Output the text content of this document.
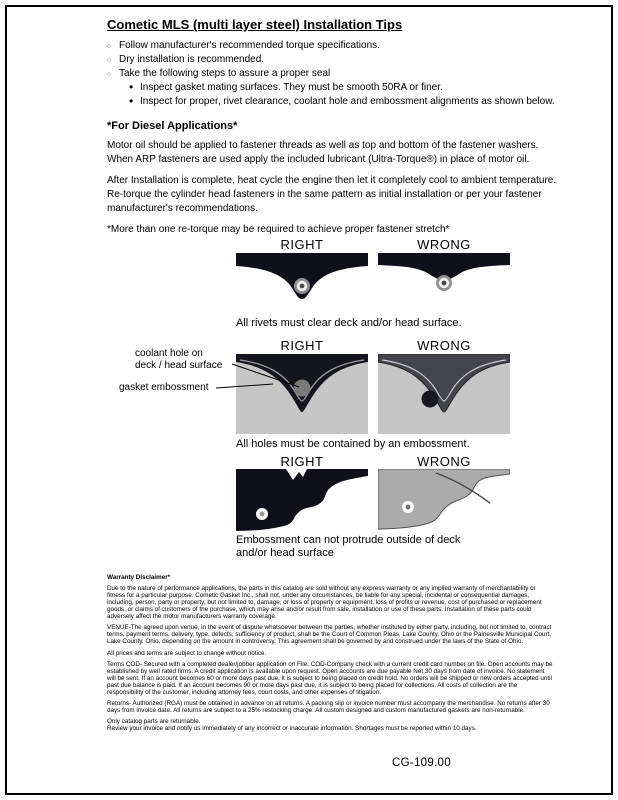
Cometic MLS (multi layer steel) Installation Tips
○ Follow manufacturer's recommended torque specifications.
○ Dry installation is recommended.
○ Take the following steps to assure a proper seal
• Inspect gasket mating surfaces. They must be smooth 50RA or finer.
• Inspect for proper, rivet clearance, coolant hole and embossment alignments as shown below.
*For Diesel Applications*

Motor oil should be applied to fastener threads as well as top and bottom of the fastener washers. When ARP fasteners are used apply the included lubricant (Ultra-Torque®) in place of motor oil.

After Installation is complete, heat cycle the engine then let it completely cool to ambient temperature. Re-torque the cylinder head fasteners in the same pattern as initial installation or per your fastener manufacturer's recommendations.

*More than one re-torque may be required to achieve proper fastener stretch*

RIGHT	WRONG
All rivets must clear deck and/or head surface.
RIGHT	WRONG
coolant hole on
deck / head surface
gasket embossment
All holes must be contained by an embossment.
RIGHT	WRONG
Embossment can not protrude outside of deck and/or head surface

Warranty Disclaimer*

Due to the nature of performance applications, the parts in this catalog are sold without any express warranty or any implied warranty of merchantability or fitness for a particular purpose. Cometic Gasket Inc., shall not, under any circumstances, be liable for any special, incidental or consequential damages, including, person, party or property, but not limited to, damage, or loss of property or equipment, loss of profits or revenue, cost of purchased or replacement goods, or claims of customers of the purchase, which may arise and/or result from sale, installation or use of these parts. Installation of these parts could adversely affect the motor manufacturers warranty coverage.

VENUE-The agreed upon venue, in the event of dispute whatsoever between the parties, whether instituted by either party, including, but not limited to, contract terms, payment terms, delivery, type, defects, sufficiency of product, shall be the Court of Common Pleas, Lake County, Ohio or the Painesville Municipal Court, Lake County, Ohio, depending on the amount in controversy. This agreement shall be governed by and construed under the laws of the State of Ohio.

All prices and terms are subject to change without notice.

Terms COD- Secured with a completed dealer/jobber application on File, COD-Company check with a current credit card number on file. Open accounts may be established by well rated firms. A credit application is available upon request. Open accounts are due payable Net 30 days from date of invoice. No statement will be sent. If an account becomes 60 or more days past due, it is subject to being placed on credit hold. No orders will be shipped or new orders accepted until past due balance is paid. If an account becomes 90 or more days past due, it is subject to being placed for collections. All costs of collection are the responsibility of the customer, including attorney fees, court costs, and other expenses of litigation.

Returns- Authorized (RGA) must be obtained in advance on all returns. A packing slip or invoice number must accompany the merchandise. No returns after 30 days from invoice date. All returns are subject to a 25% restocking charge. All custom designed and custom manufactured gaskets are non-returnable.

Only catalog parts are returnable.

Review your invoice and notify us immediately of any incorrect or inaccurate information. Shortages must be reported within 10 days.

CG-109.00
